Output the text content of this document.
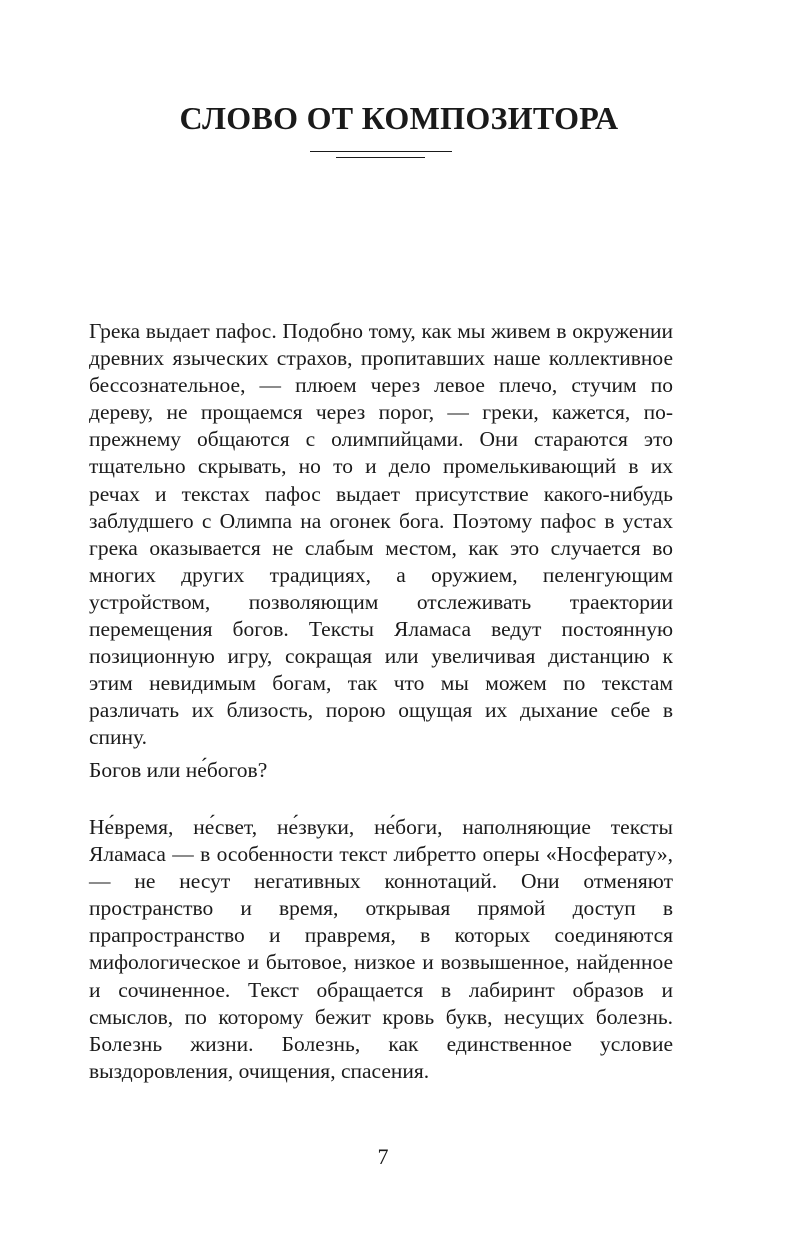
СЛОВО ОТ КОМПОЗИТОРА

Грека выдает пафос. Подобно тому, как мы живем в окружении древних языческих страхов, пропитавших наше коллективное бессознательное, — плюем через левое плечо, стучим по дереву, не прощаемся через порог, — греки, кажется, по-прежнему общаются с олимпийцами. Они стараются это тщательно скрывать, но то и дело промелькивающий в их речах и текстах пафос выдает присутствие какого-нибудь заблудшего с Олимпа на огонек бога. Поэтому пафос в устах грека оказывается не слабым местом, как это случается во многих других традициях, а оружием, пеленгующим устройством, позволяющим отслеживать траектории перемещения богов. Тексты Яламаса ведут постоянную позиционную игру, сокращая или увеличивая дистанцию к этим невидимым богам, так что мы можем по текстам различать их близость, порою ощущая их дыхание себе в спину.

Богов или не́богов?

Не́время, не́свет, не́звуки, не́боги, наполняющие тексты Яламаса — в особенности текст либретто оперы «Носферату», — не несут негативных коннотаций. Они отменяют пространство и время, открывая прямой доступ в прапространство и правремя, в которых соединяются мифологическое и бытовое, низкое и возвышенное, найденное и сочиненное. Текст обращается в лабиринт образов и смыслов, по которому бежит кровь букв, несущих болезнь. Болезнь жизни. Болезнь, как единственное условие выздоровления, очищения, спасения.

7
